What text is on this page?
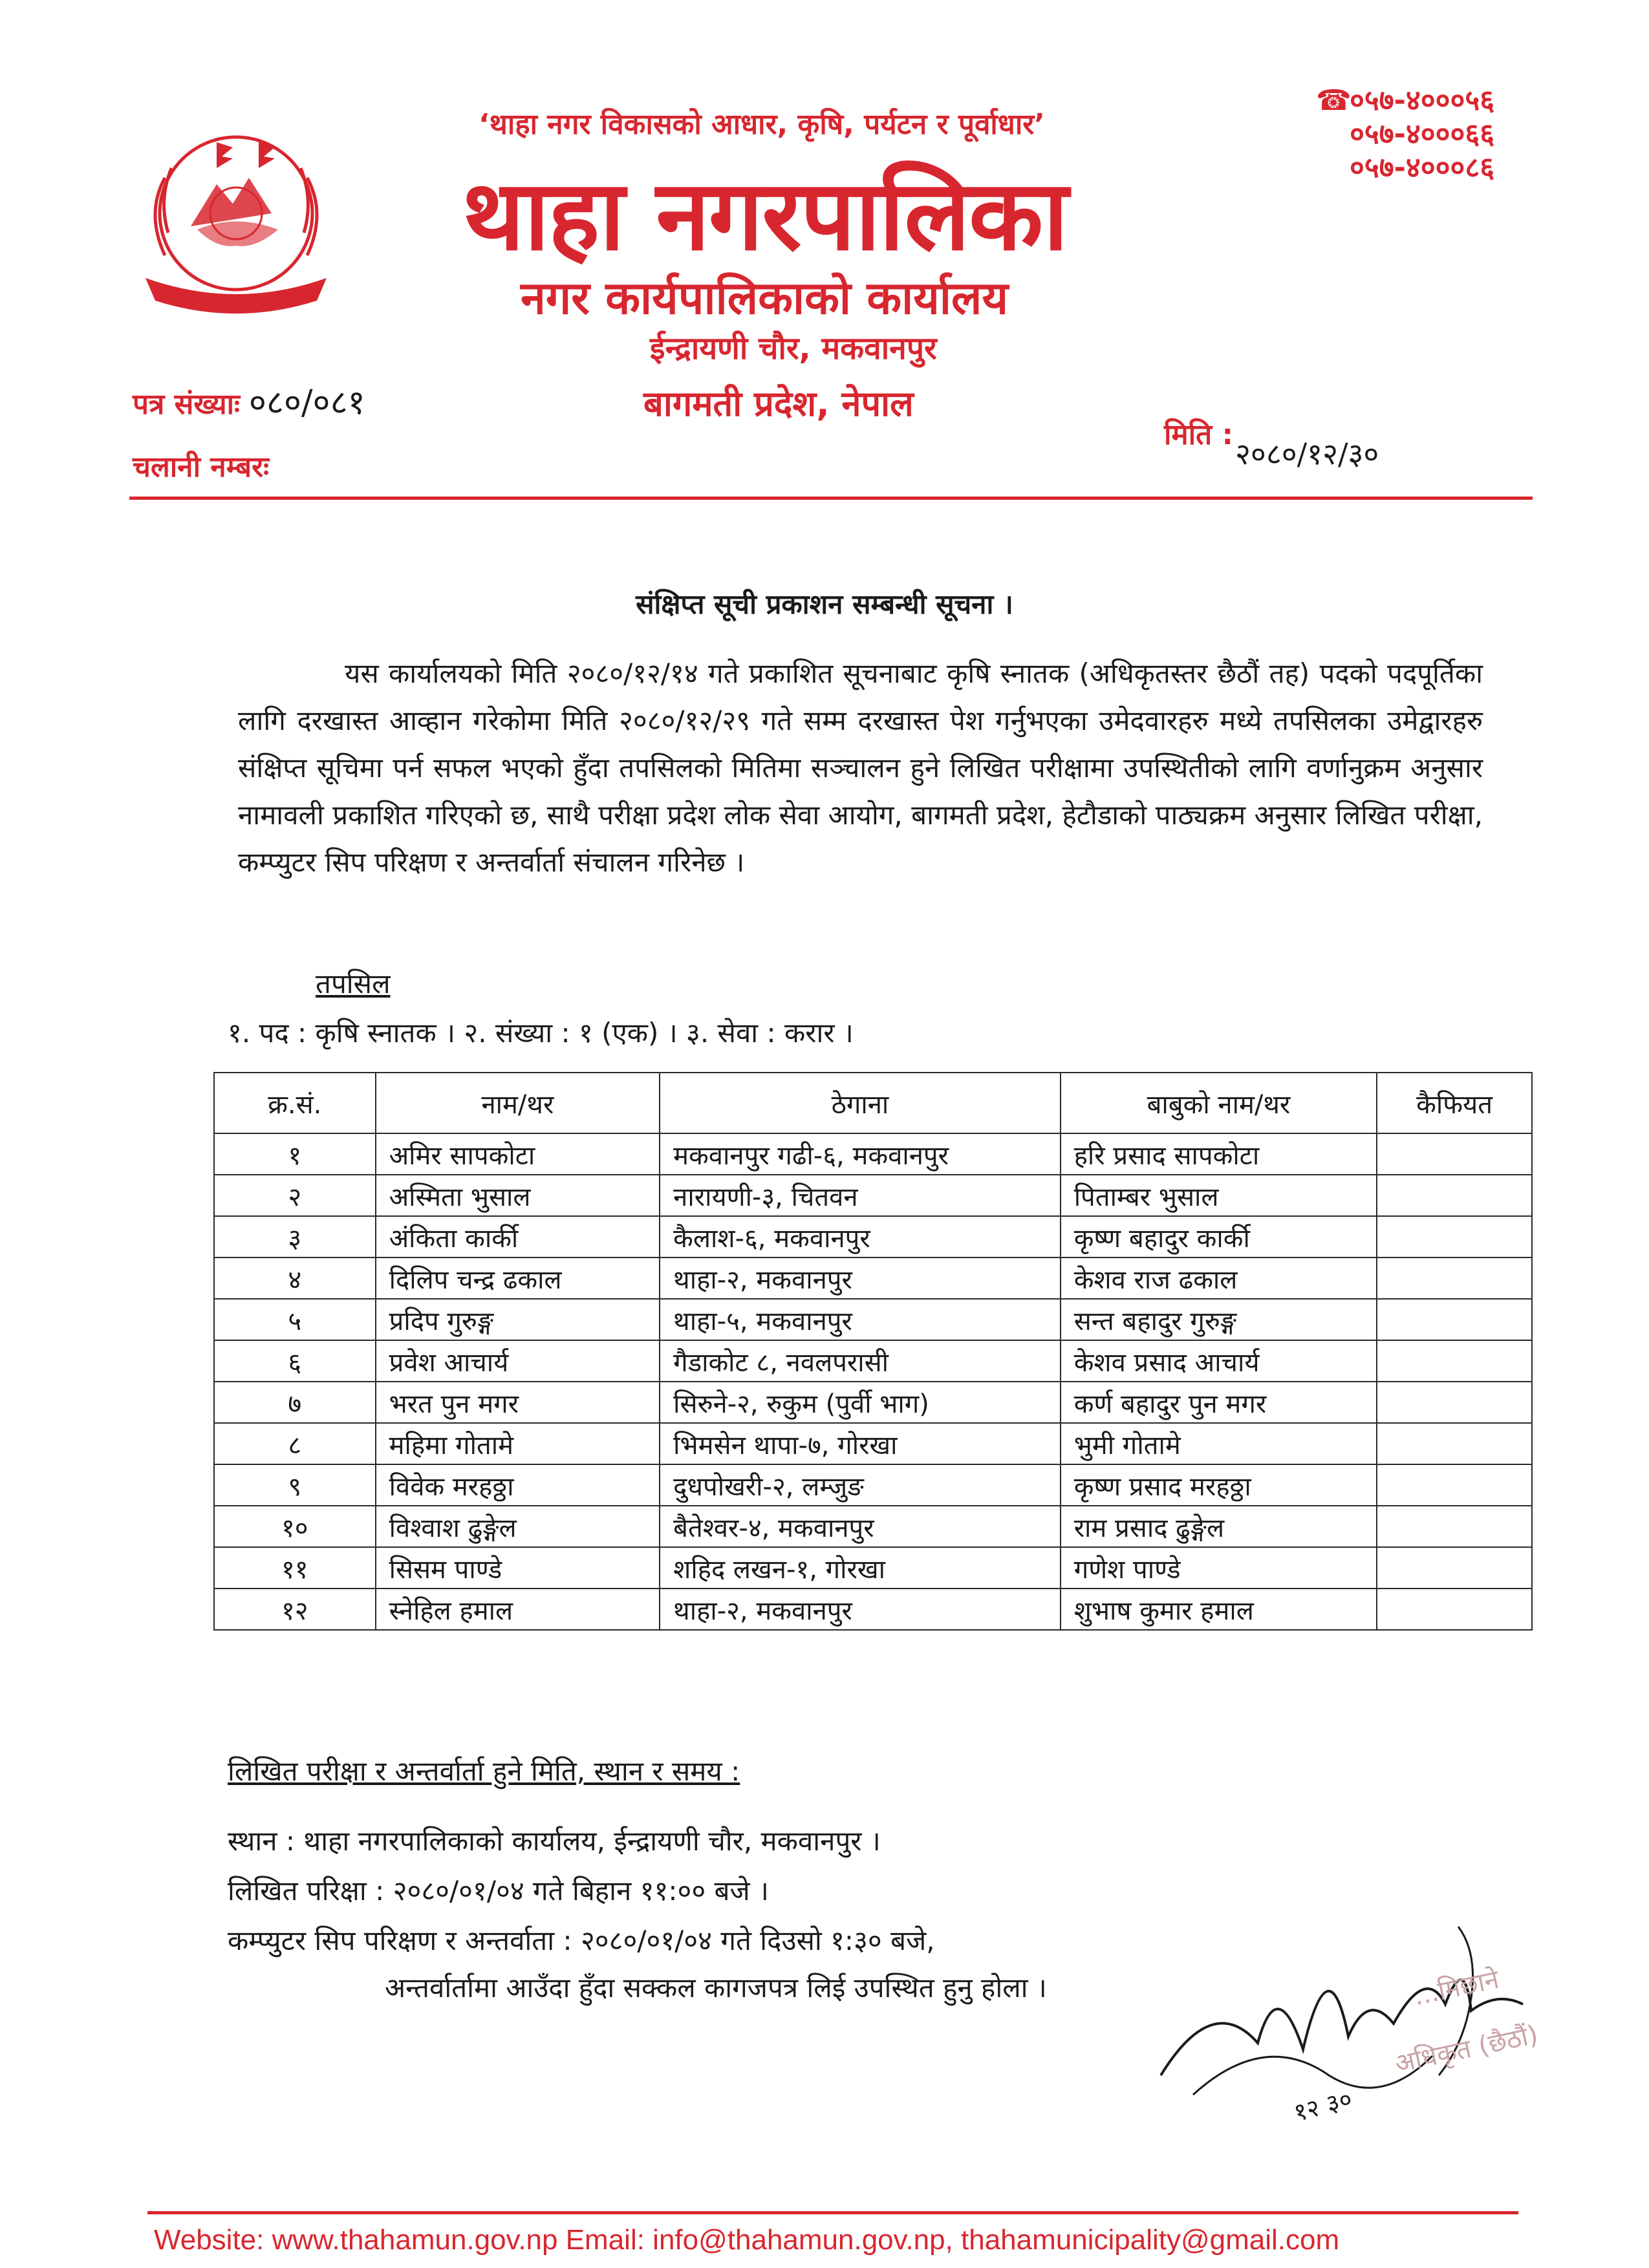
‘थाहा नगर विकासको आधार, कृषि, पर्यटन र पूर्वाधार’
थाहा नगरपालिका
नगर कार्यपालिकाको कार्यालय
ईन्द्रायणी चौर, मकवानपुर
बागमती प्रदेश, नेपाल
☎०५७-४०००५६
०५७-४०००६६
०५७-४०००८६
पत्र संख्याः ०८०/०८१
चलानी नम्बरः
मिति :
२०८०/१२/३०
संक्षिप्त सूची प्रकाशन सम्बन्धी सूचना ।
यस कार्यालयको मिति २०८०/१२/१४ गते प्रकाशित सूचनाबाट कृषि स्नातक (अधिकृतस्तर छैठौं तह) पदको पदपूर्तिका लागि दरखास्त आव्हान गरेकोमा मिति २०८०/१२/२९ गते सम्म दरखास्त पेश गर्नुभएका उमेदवारहरु मध्ये तपसिलका उमेद्वारहरु संक्षिप्त सूचिमा पर्न सफल भएको हुँदा तपसिलको मितिमा सञ्चालन हुने लिखित परीक्षामा उपस्थितीको लागि वर्णानुक्रम अनुसार नामावली प्रकाशित गरिएको छ, साथै परीक्षा प्रदेश लोक सेवा आयोग, बागमती प्रदेश, हेटौडाको पाठ्यक्रम अनुसार लिखित परीक्षा, कम्प्युटर सिप परिक्षण र अन्तर्वार्ता संचालन गरिनेछ ।
तपसिल
१. पद : कृषि स्नातक । २. संख्या : १ (एक) । ३. सेवा : करार ।
क्र.सं.	नाम/थर	ठेगाना	बाबुको नाम/थर	कैफियत
१	अमिर सापकोटा	मकवानपुर गढी-६, मकवानपुर	हरि प्रसाद सापकोटा	
२	अस्मिता भुसाल	नारायणी-३, चितवन	पिताम्बर भुसाल	
३	अंकिता कार्की	कैलाश-६, मकवानपुर	कृष्ण बहादुर कार्की	
४	दिलिप चन्द्र ढकाल	थाहा-२, मकवानपुर	केशव राज ढकाल	
५	प्रदिप गुरुङ्ग	थाहा-५, मकवानपुर	सन्त बहादुर गुरुङ्ग	
६	प्रवेश आचार्य	गैडाकोट ८, नवलपरासी	केशव प्रसाद आचार्य	
७	भरत पुन मगर	सिरुने-२, रुकुम (पुर्वी भाग)	कर्ण बहादुर पुन मगर	
८	महिमा गोतामे	भिमसेन थापा-७, गोरखा	भुमी गोतामे	
९	विवेक मरहठ्ठा	दुधपोखरी-२, लम्जुङ	कृष्ण प्रसाद मरहठ्ठा	
१०	विश्वाश ढुङ्गेल	बैतेश्वर-४, मकवानपुर	राम प्रसाद ढुङ्गेल	
११	सिसम पाण्डे	शहिद लखन-१, गोरखा	गणेश पाण्डे	
१२	स्नेहिल हमाल	थाहा-२, मकवानपुर	शुभाष कुमार हमाल	
लिखित परीक्षा र अन्तर्वार्ता हुने मिति, स्थान र समय :
स्थान : थाहा नगरपालिकाको कार्यालय, ईन्द्रायणी चौर, मकवानपुर ।
लिखित परिक्षा : २०८०/०१/०४ गते बिहान ११:०० बजे ।
कम्प्युटर सिप परिक्षण र अन्तर्वाता : २०८०/०१/०४ गते दिउसो १:३० बजे,
अन्तर्वार्तामा आउँदा हुँदा सक्कल कागजपत्र लिई उपस्थित हुनु होला ।	...मिछाने
अधिकृत (छैठौं)
१२ ३०
Website: www.thahamun.gov.np Email: info@thahamun.gov.np, thahamunicipality@gmail.com
